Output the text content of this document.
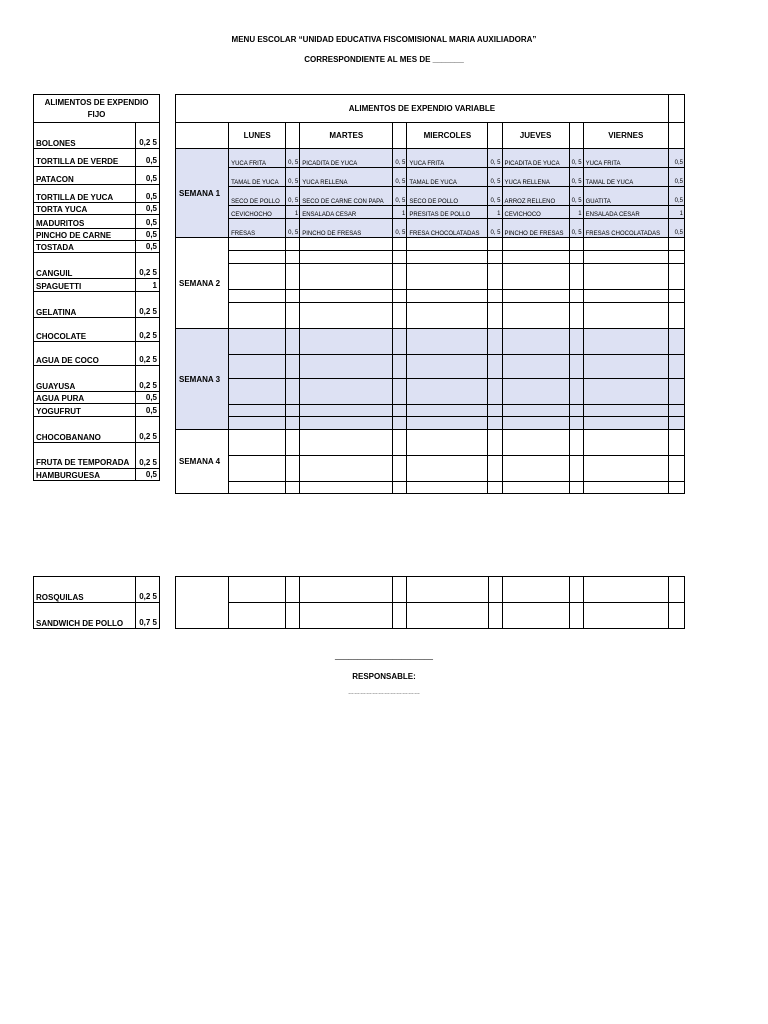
MENU ESCOLAR “UNIDAD EDUCATIVA FISCOMISIONAL MARIA AUXILIADORA”
CORRESPONDIENTE AL MES DE _______
ALIMENTOS DE EXPENDIO FIJO	
BOLONES	0,2 5
TORTILLA DE VERDE	0,5
PATACON	0,5
TORTILLA DE YUCA	0,5
TORTA YUCA	0,5
MADURITOS	0,5
PINCHO DE CARNE	0,5
TOSTADA	0,5
CANGUIL	0,2 5
SPAGUETTI	1
GELATINA	0,2 5
CHOCOLATE	0,2 5
AGUA DE COCO	0,2 5
GUAYUSA	0,2 5
AGUA PURA	0,5
YOGUFRUT	0,5
CHOCOBANANO	0,2 5
FRUTA DE TEMPORADA	0,2 5
HAMBURGUESA	0,5
ALIMENTOS DE EXPENDIO VARIABLE										
	LUNES		MARTES		MIERCOLES		JUEVES		VIERNES	
SEMANA 1	YUCA FRITA	0, 5	PICADITA DE YUCA	0, 5	YUCA FRITA	0, 5	PICADITA DE YUCA	0, 5	YUCA FRITA	0,5
	TAMAL DE YUCA	0, 5	YUCA RELLENA	0, 5	TAMAL DE YUCA	0, 5	YUCA RELLENA	0, 5	TAMAL DE YUCA	0,5
	SECO DE POLLO	0, 5	SECO DE CARNE CON PAPA	0, 5	SECO DE POLLO	0, 5	ARROZ RELLENO	0, 5	GUATITA	0,5
	CEVICHOCHO	1	ENSALADA CESAR	1	PRESITAS DE POLLO	1	CEVICHOCO	1	ENSALADA CESAR	1
	FRESAS	0, 5	PINCHO DE FRESAS	0, 5	FRESA CHOCOLATADAS	0, 5	PINCHO DE FRESAS	0, 5	FRESAS CHOCOLATADAS	0,5
SEMANA 2										

SEMANA 3										

SEMANA 4										

ROSQUILAS	0,2 5
SANDWICH DE POLLO	0,7 5

______________________
RESPONSABLE:
………………………………
